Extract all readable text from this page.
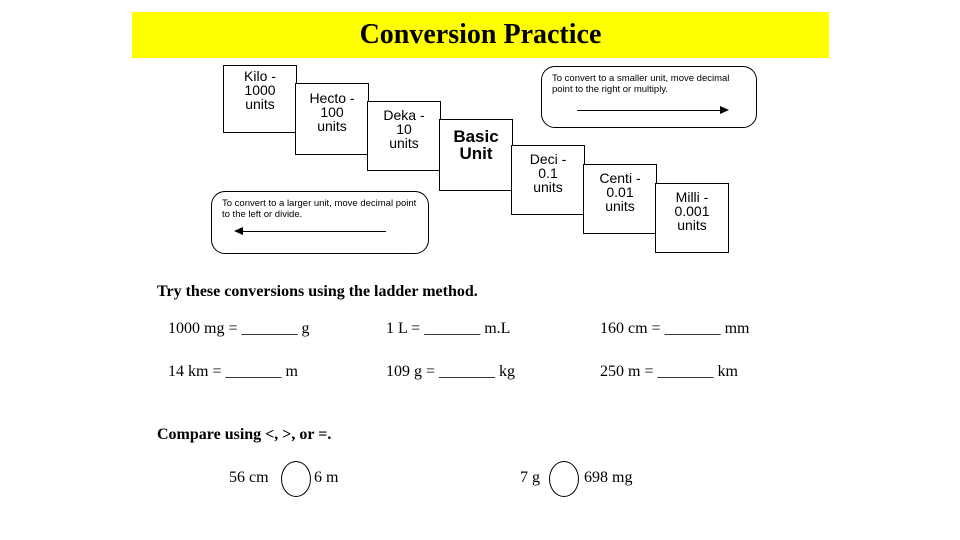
Conversion Practice
Kilo -
1000
units Hecto -
100
units
Deka -
10
units Basic
Unit	Deci -
0.1
units
Centi -
0.01
units
Milli -
0.001
units
To convert to a smaller unit, move decimal point to the right or multiply.
To convert to a larger unit, move decimal point to the left or divide.
Try these conversions using the ladder method.
1000 mg = _______ g	1 L = _______ m.L	160 cm = _______ mm
14 km = _______ m	109 g = _______ kg	250 m = _______ km
Compare using <, >, or =.
56 cm	6 m	7 g	698 mg
